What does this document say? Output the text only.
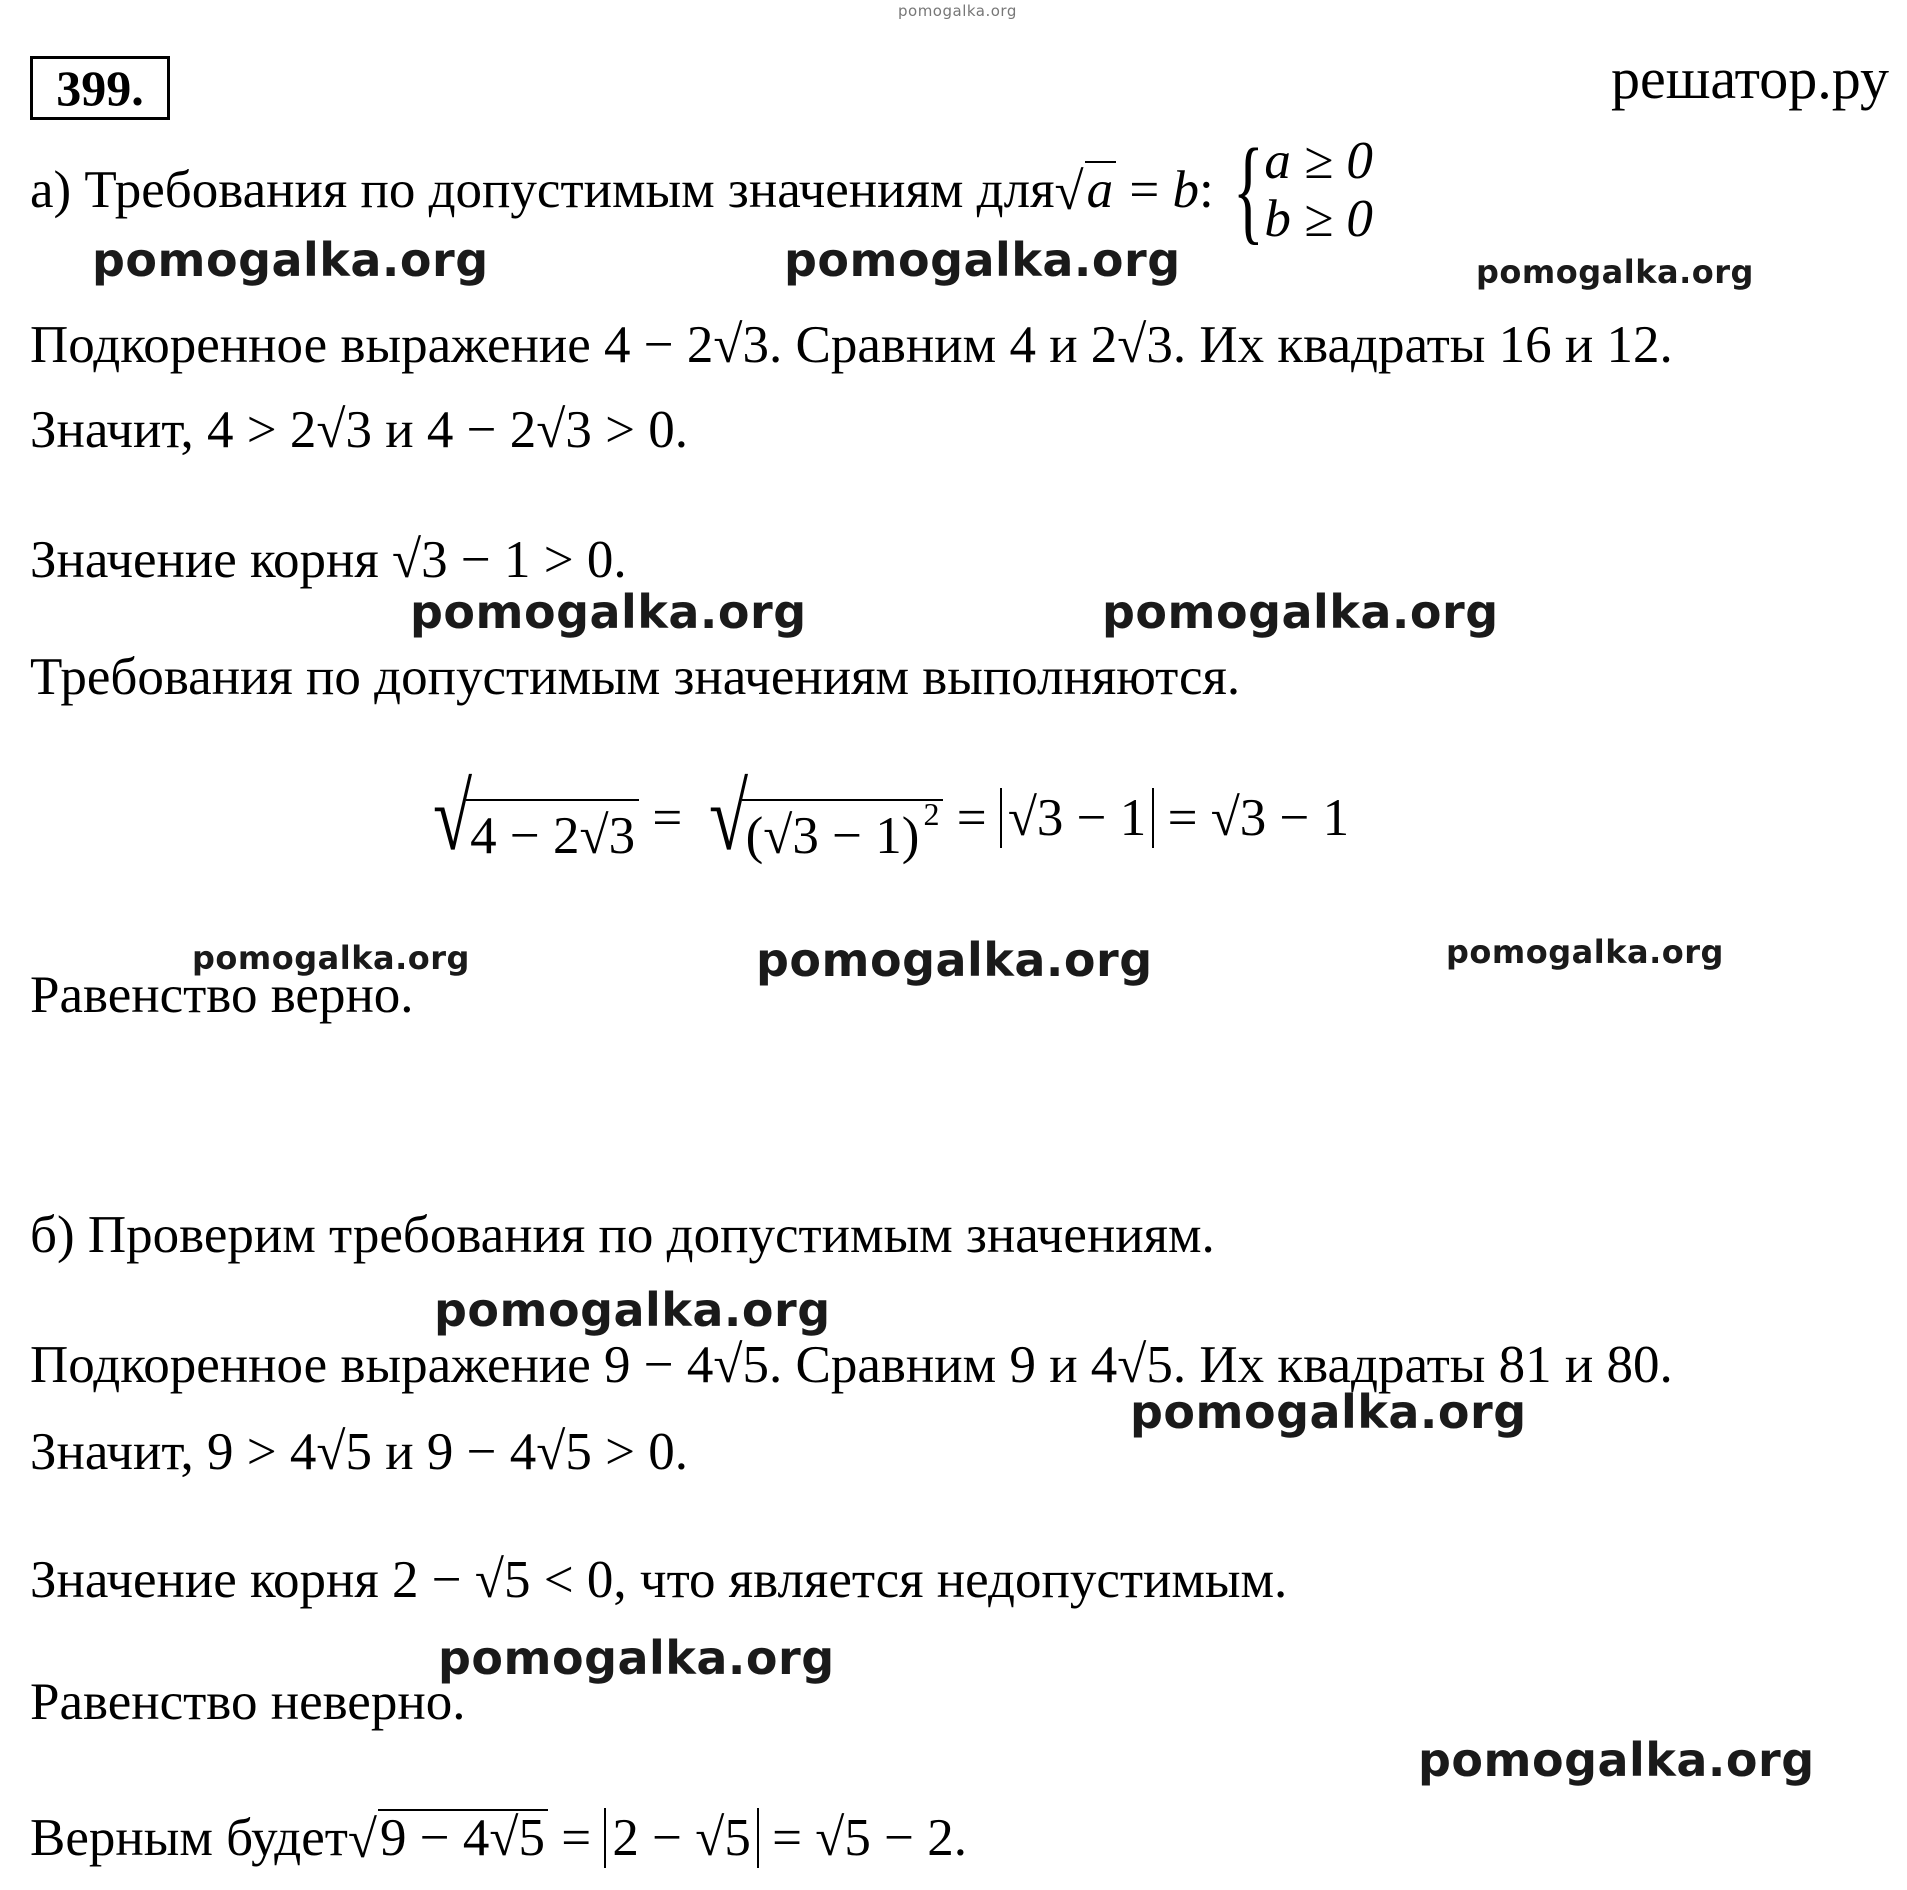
pomogalka.org
399.	решатор.ру
а) Требования по допустимым значениям для √ a = b : { a ≥ 0
b ≥ 0
Подкоренное выражение 4 − 2√3. Сравним 4 и 2√3. Их квадраты 16 и 12.
Значит, 4 > 2√3 и 4 − 2√3 > 0.
Значение корня √3 − 1 > 0.
Требования по допустимым значениям выполняются.
√
4 − 2√3 = √
(√3 − 1) $^2$ = √3 − 1
= √3 − 1
Равенство верно.
б) Проверим требования по допустимым значениям.
Подкоренное выражение 9 − 4√5. Сравним 9 и 4√5. Их квадраты 81 и 80.
Значит, 9 > 4√5 и 9 − 4√5 > 0.
Значение корня 2 − √5 < 0, что является недопустимым.
Равенство неверно.
Верным будет √ 9 − 4√5 = 2 − √5
= √5 − 2.
pomogalka.org	pomogalka.org	pomogalka.org
pomogalka.org	pomogalka.org
pomogalka.org	pomogalka.org	pomogalka.org
pomogalka.org
pomogalka.org
pomogalka.org
pomogalka.org
